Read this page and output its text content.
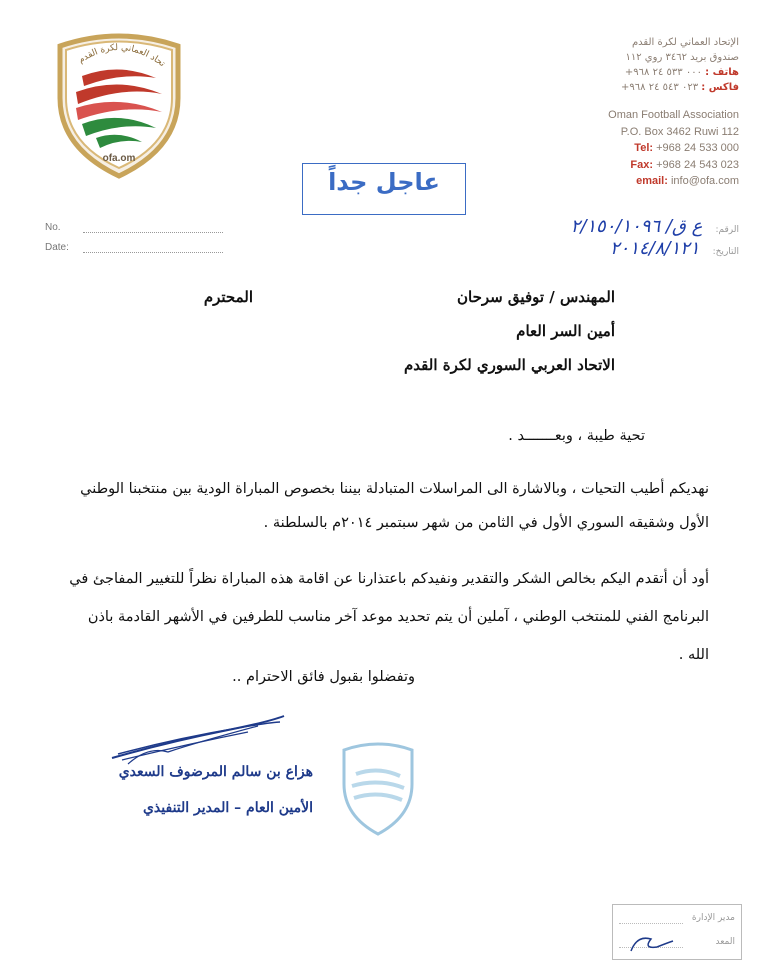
تحاد العماني لكرة القدم
ofa.om
الإتحاد العماني لكرة القدم
صندوق بريد ٣٤٦٢ روي ١١٢
هاتف : ٠٠٠ ٥٣٣ ٢٤ ٩٦٨+
فاكس : ٠٢٣ ٥٤٣ ٢٤ ٩٦٨+
Oman Football Association
P.O. Box 3462 Ruwi 112
Tel: +968 24 533 000
Fax: +968 24 543 023
email: info@ofa.com
عاجل جداً
No.
Date:
الرقم: ع ق/ ٢/١٥٠/١٠٩٦
التاريخ: ٢٠١٤/٨/١٢١
المهندس / توفيق سرحان
المحترم
أمين السر العام
الاتحاد العربي السوري لكرة القدم
تحية طيبة ، وبعـــــــد .
نهديكم أطيب التحيات ، وبالاشارة الى المراسلات المتبادلة بيننا بخصوص المباراة الودية بين منتخبنا الوطني الأول وشقيقه السوري الأول في الثامن من شهر سبتمبر ٢٠١٤م بالسلطنة .
أود أن أتقدم اليكم بخالص الشكر والتقدير ونفيدكم باعتذارنا عن اقامة هذه المباراة نظراً للتغيير المفاجئ في البرنامج الفني للمنتخب الوطني ، آملين أن يتم تحديد موعد آخر مناسب للطرفين في الأشهر القادمة باذن الله .
وتفضلوا بقبول فائق الاحترام ..
هزاع بن سالم المرضوف السعدي
الأمين العام – المدير التنفيذي
مدير الإدارة
المعد
